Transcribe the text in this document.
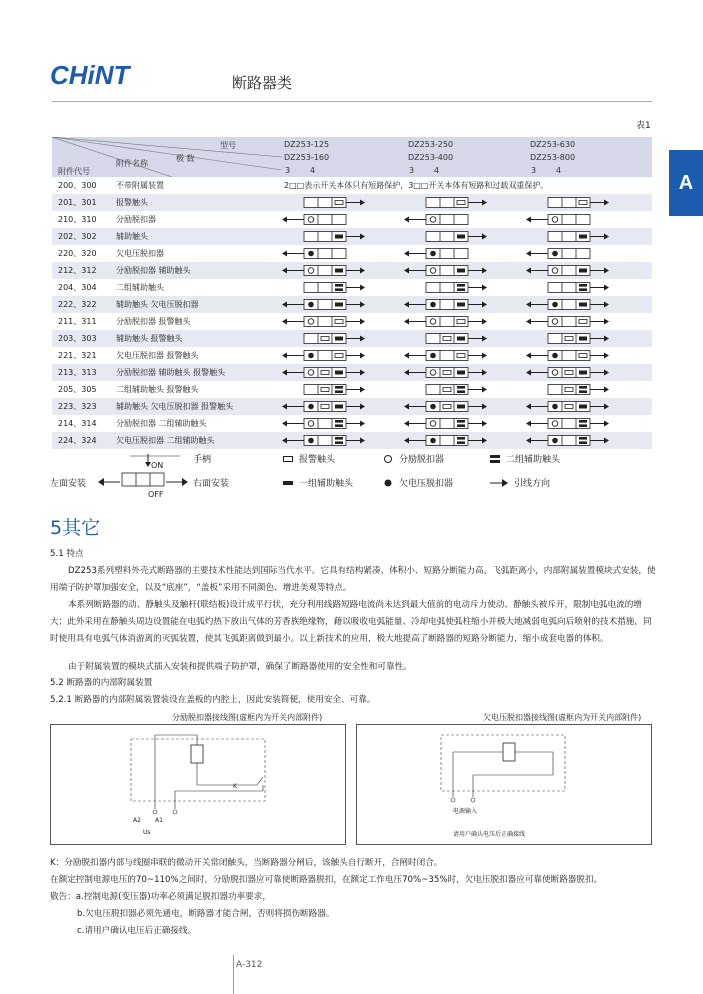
CHiNT	断路器类
A
表1
型号
极 数
附件名称
附件代号
DZ253-125
DZ253-160
DZ253-250
DZ253-400
DZ253-630
DZ253-800
3 4	3 4	3 4
200、300	不带附属装置	2□□表示开关本体只有短路保护，3□□开关本体有短路和过载双重保护。
201、301	报警触头
210、310	分励脱扣器
202、302	辅助触头
220、320	欠电压脱扣器
212、312	分励脱扣器 辅助触头
204、304	二组辅助触头
222、322	辅助触头 欠电压脱扣器
211、311	分励脱扣器 报警触头
203、303	辅助触头 报警触头
221、321	欠电压脱扣器 报警触头
213、313	分励脱扣器 辅助触头 报警触头
205、305	二组辅助触头 报警触头
223、323	辅助触头 欠电压脱扣器 报警触头
214、314	分励脱扣器 二组辅助触头
224、324	欠电压脱扣器 二组辅助触头
手柄
ON
OFF
左面安装	右面安装
报警触头	分励脱扣器	二组辅助触头
一组辅助触头	欠电压脱扣器	引线方向
5其它
5.1 特点
DZ253系列塑料外壳式断路器的主要技术性能达到国际当代水平。它具有结构紧凑、体积小、短路分断能力高，飞弧距离小，内部附属装置模块式安装，使用端子防护罩加强安全，以及“底座”，“盖板”采用不同颜色、增进美观等特点。
本系列断路器的动、静触头及触杆(联结板)设计成平行状，充分利用线路短路电流尚未达到最大值前的电动斥力使动、静触头被斥开，限制电弧电流的增大；此外采用在静触头周边设置能在电弧灼热下放出气体的芳香族绝缘物，藉以吸收电弧能量、冷却电弧使弧柱缩小并极大地减弱电弧向后喷射的技术措施，同时使用具有电弧气体消游离的灭弧装置，使其飞弧距离做到最小。以上新技术的应用，极大地提高了断路器的短路分断能力，缩小成套电器的体积。
由于附属装置的模块式插入安装和提供端子防护罩，确保了断路器使用的安全性和可靠性。
5.2 断路器的内部附属装置
5.2.1 断路器的内部附属装置装设在盖板的内腔上，因此安装简便，使用安全、可靠。
分励脱扣器接线图(虚框内为开关内部附件)
K
A2 A1
Us
欠电压脱扣器接线图(虚框内为开关内部附件)
电源输入
请用户确认电压后正确接线
K：分励脱扣器内部与线圈串联的微动开关常闭触头，当断路器分闸后，该触头自行断开，合闸时闭合。
在额定控制电源电压的70~110%之间时，分励脱扣器应可靠使断路器脱扣，在额定工作电压70%~35%时，欠电压脱扣器应可靠使断路器脱扣。
敬告：a.控制电源(变压器)功率必须满足脱扣器功率要求，
b.欠电压脱扣器必须先通电，断路器才能合闸，否则将损伤断路器。
c.请用户确认电压后正确接线。
A-312
